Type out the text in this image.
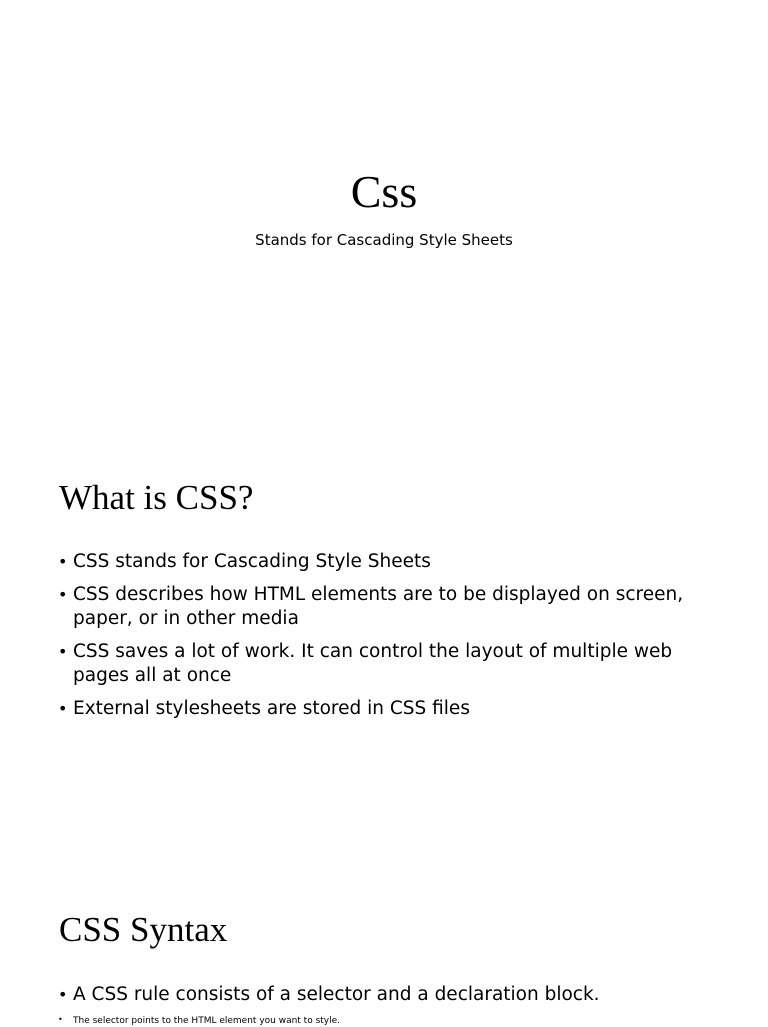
Css
Stands for Cascading Style Sheets
What is CSS?
• CSS stands for Cascading Style Sheets
• CSS describes how HTML elements are to be displayed on screen, paper, or in other media
• CSS saves a lot of work. It can control the layout of multiple web pages all at once
• External stylesheets are stored in CSS files
CSS Syntax
• A CSS rule consists of a selector and a declaration block.
• The selector points to the HTML element you want to style.
